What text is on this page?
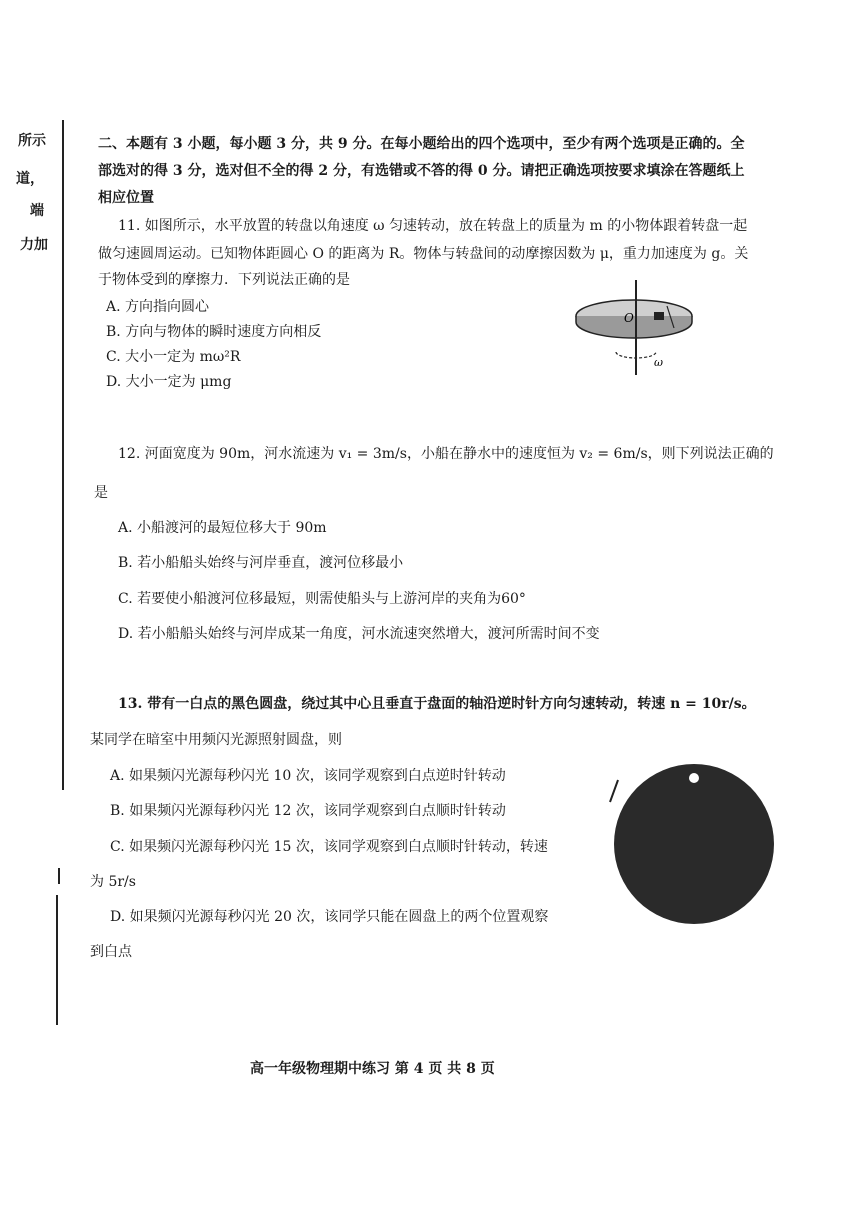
所示
道，
端
力加
二、本题有 3 小题，每小题 3 分，共 9 分。在每小题给出的四个选项中，至少有两个选项是正确的。全
部选对的得 3 分，选对但不全的得 2 分，有选错或不答的得 0 分。请把正确选项按要求填涂在答题纸上
相应位置
11. 如图所示，水平放置的转盘以角速度 ω 匀速转动，放在转盘上的质量为 m 的小物体跟着转盘一起
做匀速圆周运动。已知物体距圆心 O 的距离为 R。物体与转盘间的动摩擦因数为 μ，重力加速度为 g。关
于物体受到的摩擦力．下列说法正确的是
A. 方向指向圆心
B. 方向与物体的瞬时速度方向相反
C. 大小一定为 mω²R
D. 大小一定为 μmg
O
ω
12. 河面宽度为 90m，河水流速为 v₁ = 3m/s，小船在静水中的速度恒为 v₂ = 6m/s，则下列说法正确的
是
A. 小船渡河的最短位移大于 90m
B. 若小船船头始终与河岸垂直，渡河位移最小
C. 若要使小船渡河位移最短，则需使船头与上游河岸的夹角为60°
D. 若小船船头始终与河岸成某一角度，河水流速突然增大，渡河所需时间不变
13. 带有一白点的黑色圆盘，绕过其中心且垂直于盘面的轴沿逆时针方向匀速转动，转速 n = 10r/s。
某同学在暗室中用频闪光源照射圆盘，则
A. 如果频闪光源每秒闪光 10 次，该同学观察到白点逆时针转动
B. 如果频闪光源每秒闪光 12 次，该同学观察到白点顺时针转动
C. 如果频闪光源每秒闪光 15 次，该同学观察到白点顺时针转动，转速
为 5r/s
D. 如果频闪光源每秒闪光 20 次，该同学只能在圆盘上的两个位置观察
到白点
高一年级物理期中练习 第 4 页 共 8 页
